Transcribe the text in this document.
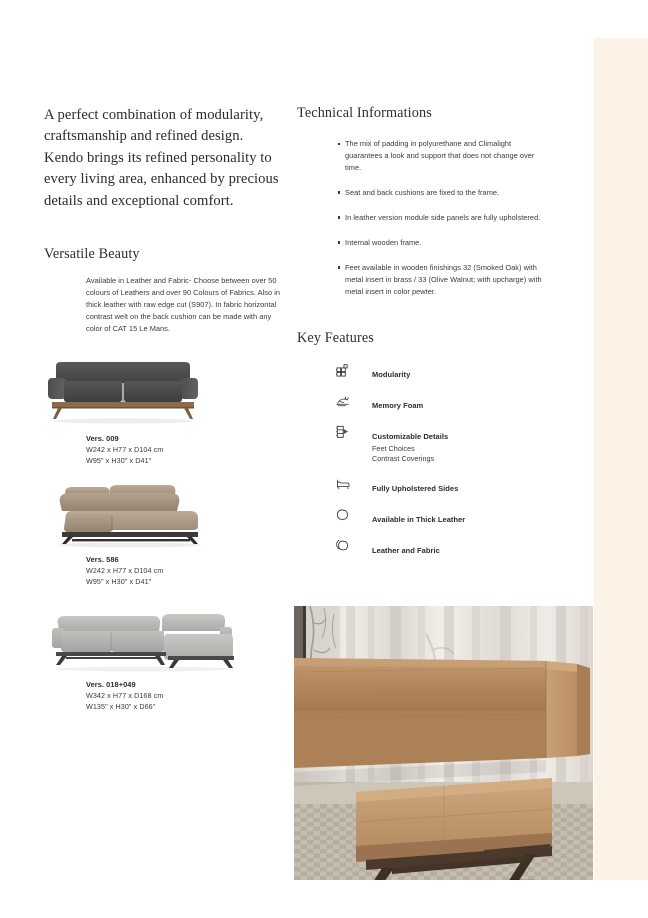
A perfect combination of modularity, craftsmanship and refined design. Kendo brings its refined personality to every living area, enhanced by precious details and exceptional comfort.

Versatile Beauty

Available in Leather and Fabric- Choose between over 50 colours of Leathers and over 90 Colours of Fabrics. Also in thick leather with raw edge cut (S907). In fabric horizontal contrast welt on the back cushion can be made with any color of CAT 15 Le Mans.

Vers. 009
W242 x H77 x D104 cm
W95" x H30" x D41"
Vers. 586
W242 x H77 x D104 cm
W95" x H30" x D41"
Vers. 018+049
W342 x H77 x D168 cm
W135" x H30" x D66"
Technical Informations
The mix of padding in polyurethane and Climalight guarantees a look and support that does not change over time.
Seat and back cushions are fixed to the frame.
In leather version module side panels are fully upholstered.
Internal wooden frame.
Feet available in wooden finishings 32 (Smoked Oak) with metal insert in brass / 33 (Olive Walnut; with upcharge) with metal insert in color pewter.
Key Features
Modularity
Memory Foam
Customizable Details
Feet Choices
Contrast Coverings
Fully Upholstered Sides
Available in Thick Leather
Leather and Fabric
